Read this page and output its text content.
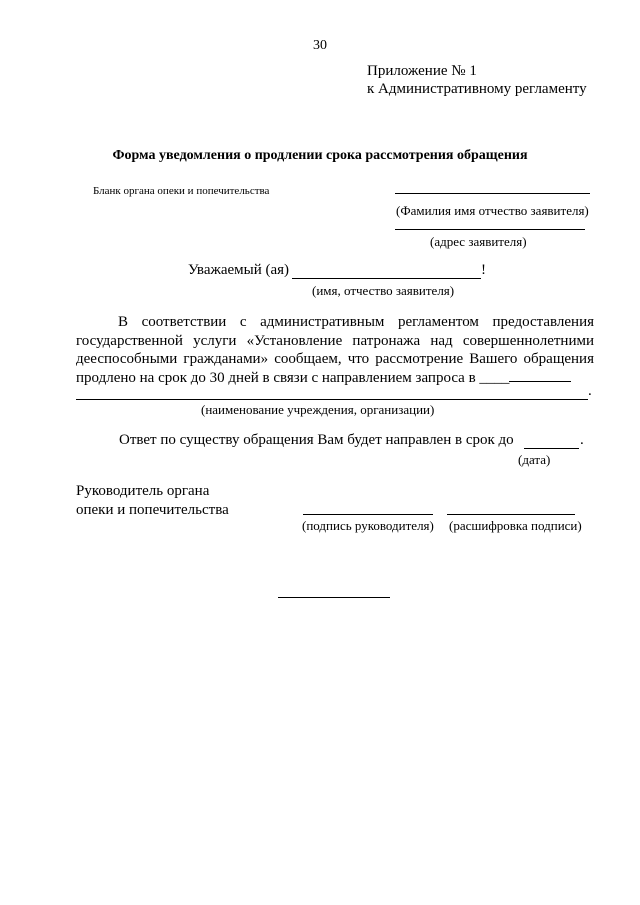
30
Приложение № 1
к Административному регламенту
Форма уведомления о продлении срока рассмотрения обращения
Бланк органа опеки и попечительства
(Фамилия имя отчество заявителя)
(адрес заявителя)
Уважаемый (ая)	!
(имя, отчество заявителя)
В соответствии с административным регламентом предоставления государственной услуги «Установление патронажа над совершеннолетними дееспособными гражданами» сообщаем, что рассмотрение Вашего обращения продлено на срок до 30 дней в связи с направлением запроса в ____
.
(наименование учреждения, организации)
Ответ по существу обращения Вам будет направлен в срок до	.
(дата)
Руководитель органа
опеки и попечительства
(подпись руководителя) (расшифровка подписи)
